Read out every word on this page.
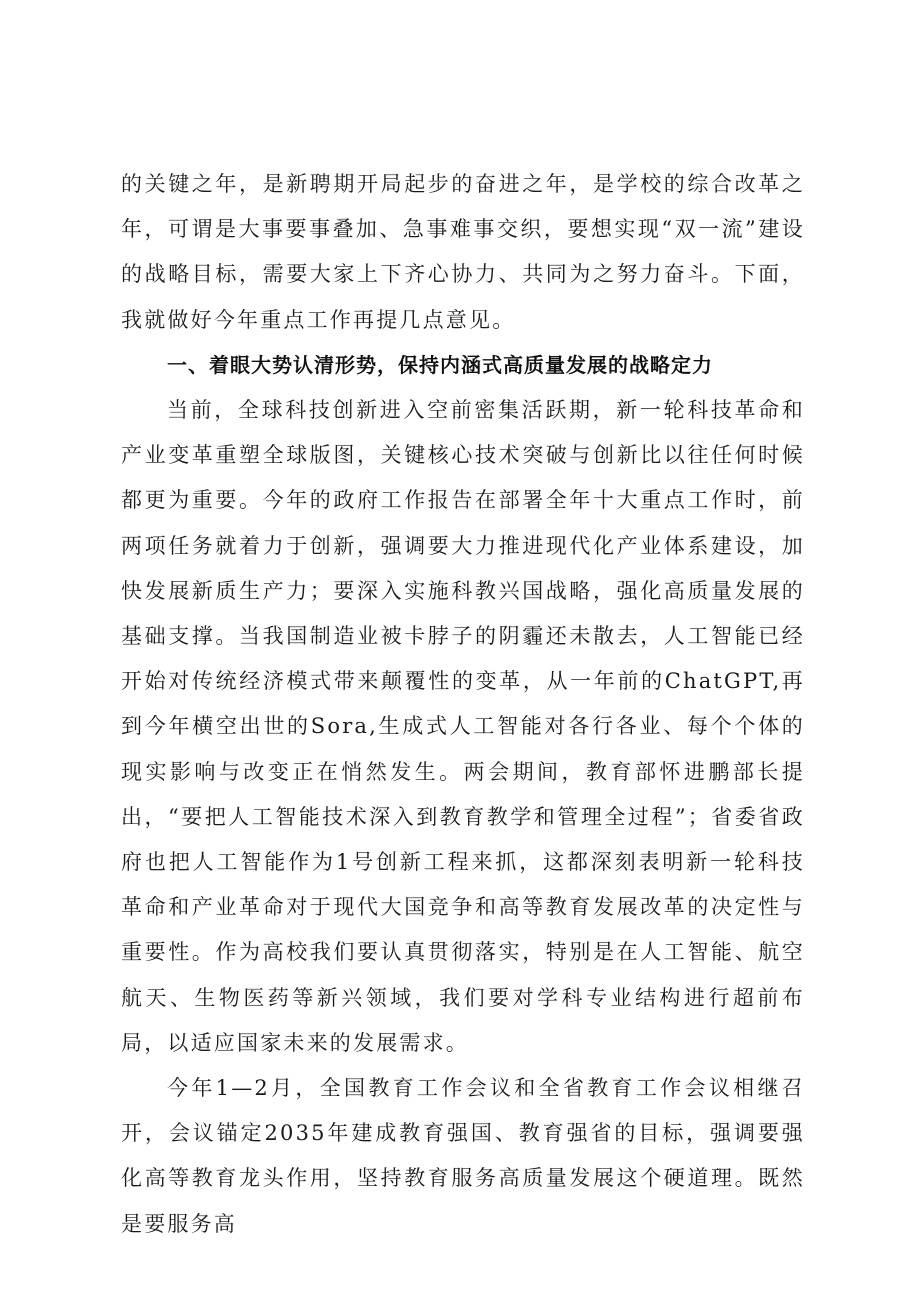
的关键之年，是新聘期开局起步的奋进之年，是学校的综合改革之年，可谓是大事要事叠加、急事难事交织，要想实现“双一流”建设的战略目标，需要大家上下齐心协力、共同为之努力奋斗。下面，我就做好今年重点工作再提几点意见。

一、着眼大势认清形势，保持内涵式高质量发展的战略定力

当前，全球科技创新进入空前密集活跃期，新一轮科技革命和产业变革重塑全球版图，关键核心技术突破与创新比以往任何时候都更为重要。今年的政府工作报告在部署全年十大重点工作时，前两项任务就着力于创新，强调要大力推进现代化产业体系建设，加快发展新质生产力；要深入实施科教兴国战略，强化高质量发展的基础支撑。当我国制造业被卡脖子的阴霾还未散去，人工智能已经开始对传统经济模式带来颠覆性的变革，从一年前的ChatGPT,再到今年横空出世的Sora,生成式人工智能对各行各业、每个个体的现实影响与改变正在悄然发生。两会期间，教育部怀进鹏部长提出，“要把人工智能技术深入到教育教学和管理全过程”；省委省政府也把人工智能作为1号创新工程来抓，这都深刻表明新一轮科技革命和产业革命对于现代大国竞争和高等教育发展改革的决定性与重要性。作为高校我们要认真贯彻落实，特别是在人工智能、航空航天、生物医药等新兴领域，我们要对学科专业结构进行超前布局，以适应国家未来的发展需求。

今年1—2月，全国教育工作会议和全省教育工作会议相继召开，会议锚定2035年建成教育强国、教育强省的目标，强调要强化高等教育龙头作用，坚持教育服务高质量发展这个硬道理。既然是要服务高
